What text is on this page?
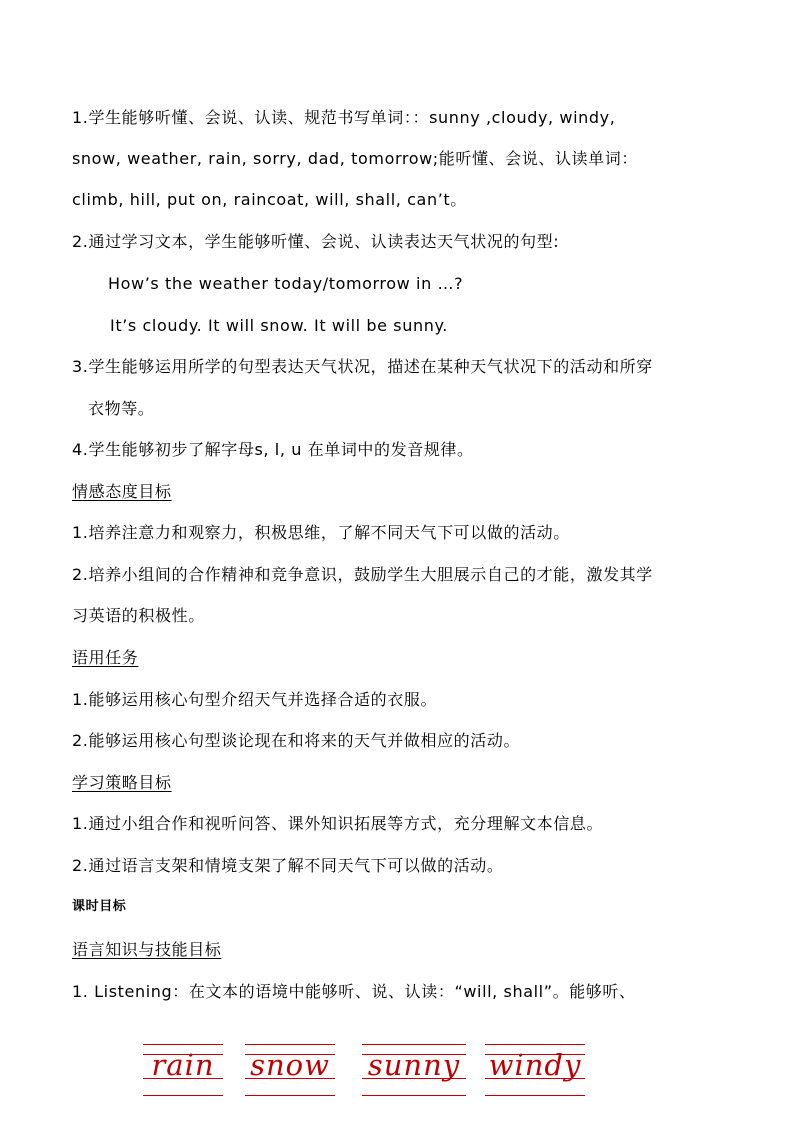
1.学生能够听懂、会说、认读、规范书写单词：：sunny ,cloudy, windy,
snow, weather, rain, sorry, dad, tomorrow;能听懂、会说、认读单词：
climb, hill, put on, raincoat, will, shall, can’t。
2.通过学习文本，学生能够听懂、会说、认读表达天气状况的句型:
How’s the weather today/tomorrow in …?
It’s cloudy. It will snow. It will be sunny.
3.学生能够运用所学的句型表达天气状况，描述在某种天气状况下的活动和所穿
衣物等。
4.学生能够初步了解字母s, l, u 在单词中的发音规律。
情感态度目标
1.培养注意力和观察力，积极思维，了解不同天气下可以做的活动。
2.培养小组间的合作精神和竞争意识，鼓励学生大胆展示自己的才能，激发其学
习英语的积极性。
语用任务
1.能够运用核心句型介绍天气并选择合适的衣服。
2.能够运用核心句型谈论现在和将来的天气并做相应的活动。
学习策略目标
1.通过小组合作和视听问答、课外知识拓展等方式，充分理解文本信息。
2.通过语言支架和情境支架了解不同天气下可以做的活动。
课时目标
语言知识与技能目标
1. Listening：在文本的语境中能够听、说、认读：“will, shall”。能够听、
rain snow sunny windy
